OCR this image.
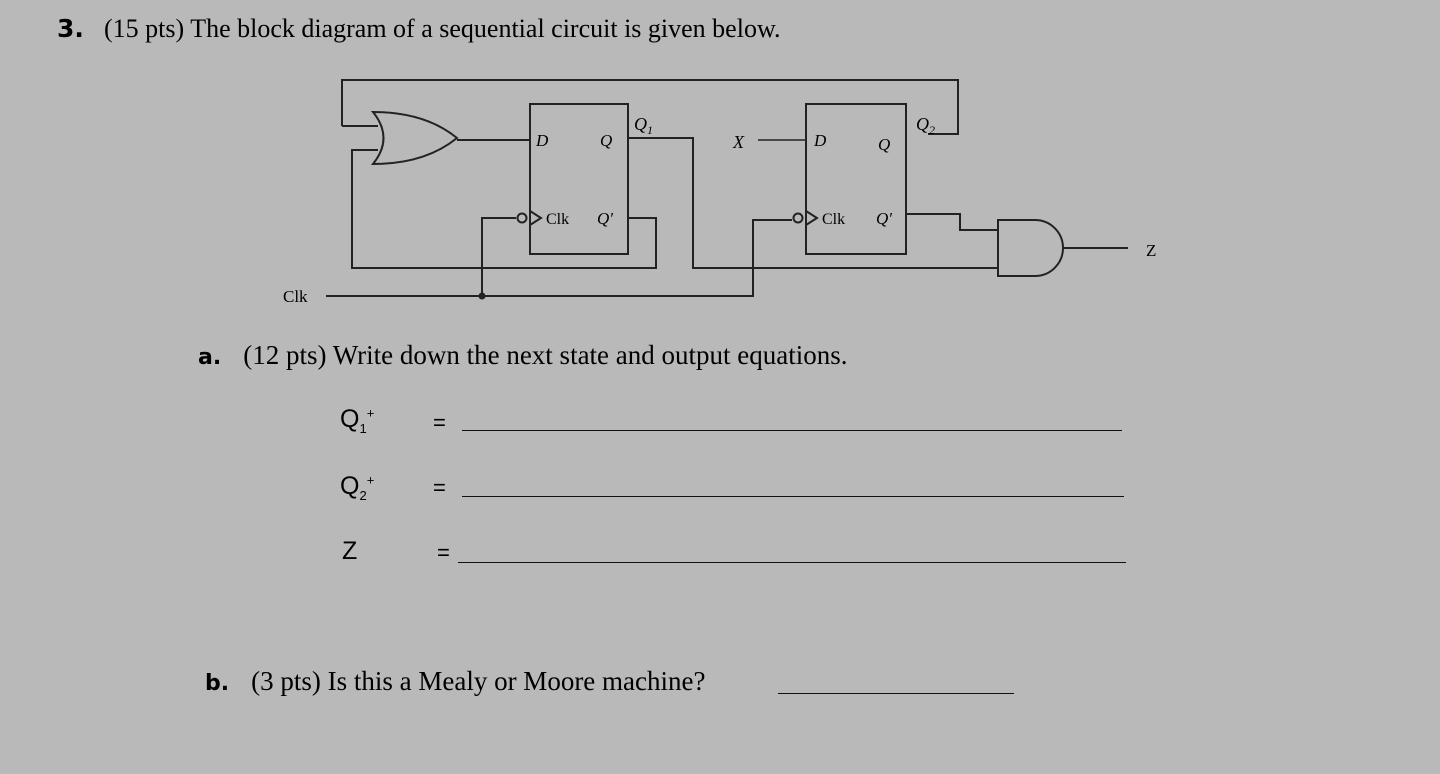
3. (15 pts) The block diagram of a sequential circuit is given below.
D	Q
Clk Q'
$Q_1$
X	D	Q
Clk Q'
$Q_2$
Z
Clk
a. (12 pts) Write down the next state and output equations.
$Q_1^+$	=
$Q_2^+$	=
Z	=
b. (3 pts) Is this a Mealy or Moore machine?
